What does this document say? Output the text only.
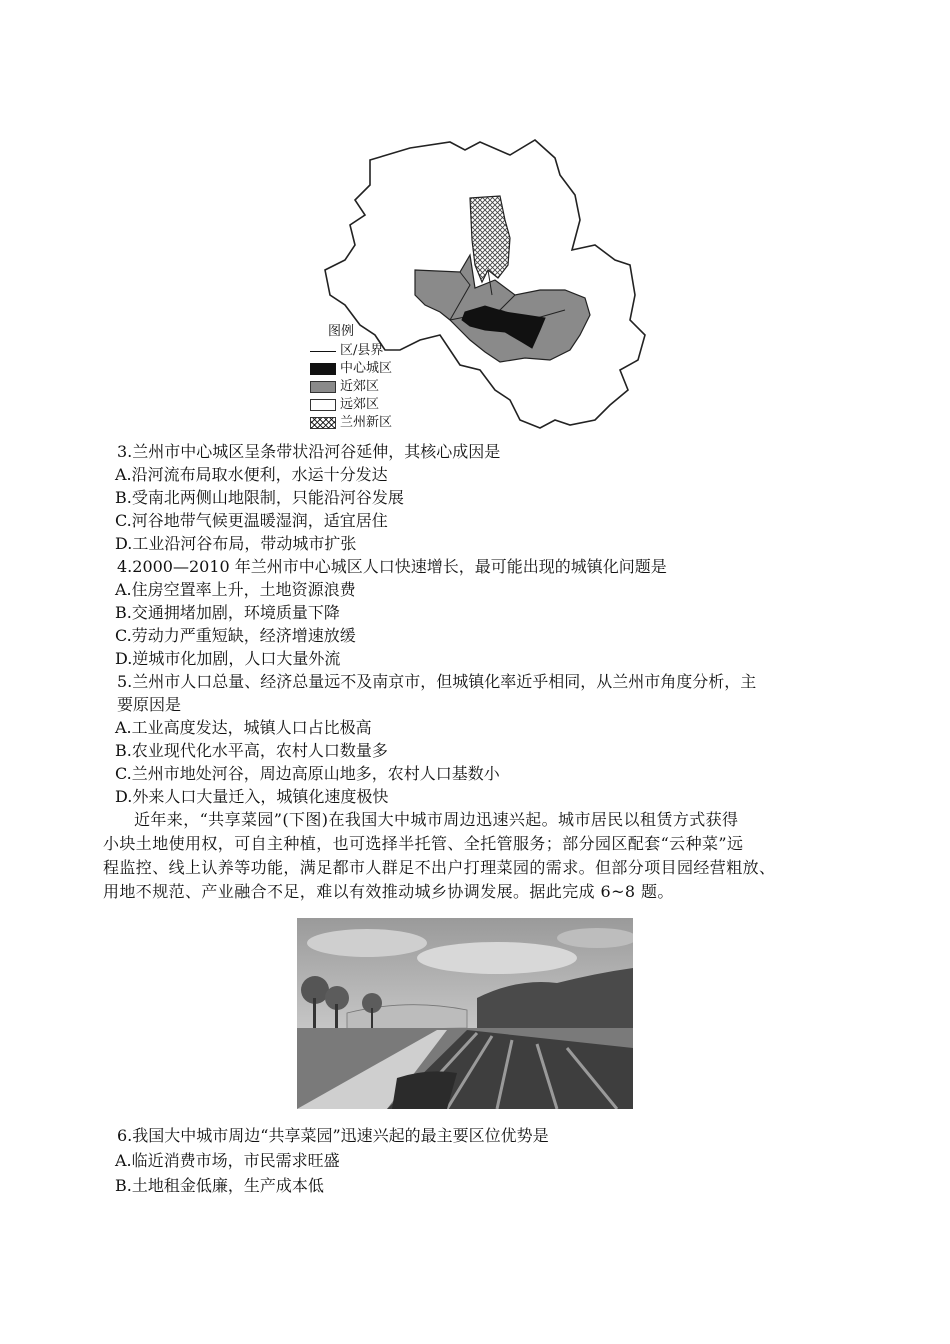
图例
区/县界
中心城区
近郊区
远郊区
兰州新区
3.兰州市中心城区呈条带状沿河谷延伸，其核心成因是
A.沿河流布局取水便利，水运十分发达
B.受南北两侧山地限制，只能沿河谷发展
C.河谷地带气候更温暖湿润，适宜居住
D.工业沿河谷布局，带动城市扩张
4.2000—2010 年兰州市中心城区人口快速增长，最可能出现的城镇化问题是
A.住房空置率上升，土地资源浪费
B.交通拥堵加剧，环境质量下降
C.劳动力严重短缺，经济增速放缓
D.逆城市化加剧，人口大量外流
5.兰州市人口总量、经济总量远不及南京市，但城镇化率近乎相同，从兰州市角度分析，主
要原因是
A.工业高度发达，城镇人口占比极高
B.农业现代化水平高，农村人口数量多
C.兰州市地处河谷，周边高原山地多，农村人口基数小
D.外来人口大量迁入，城镇化速度极快
近年来，“共享菜园”(下图)在我国大中城市周边迅速兴起。城市居民以租赁方式获得
小块土地使用权，可自主种植，也可选择半托管、全托管服务；部分园区配套“云种菜”远
程监控、线上认养等功能，满足都市人群足不出户打理菜园的需求。但部分项目园经营粗放、
用地不规范、产业融合不足，难以有效推动城乡协调发展。据此完成 6~8 题。
6.我国大中城市周边“共享菜园”迅速兴起的最主要区位优势是
A.临近消费市场，市民需求旺盛
B.土地租金低廉，生产成本低
